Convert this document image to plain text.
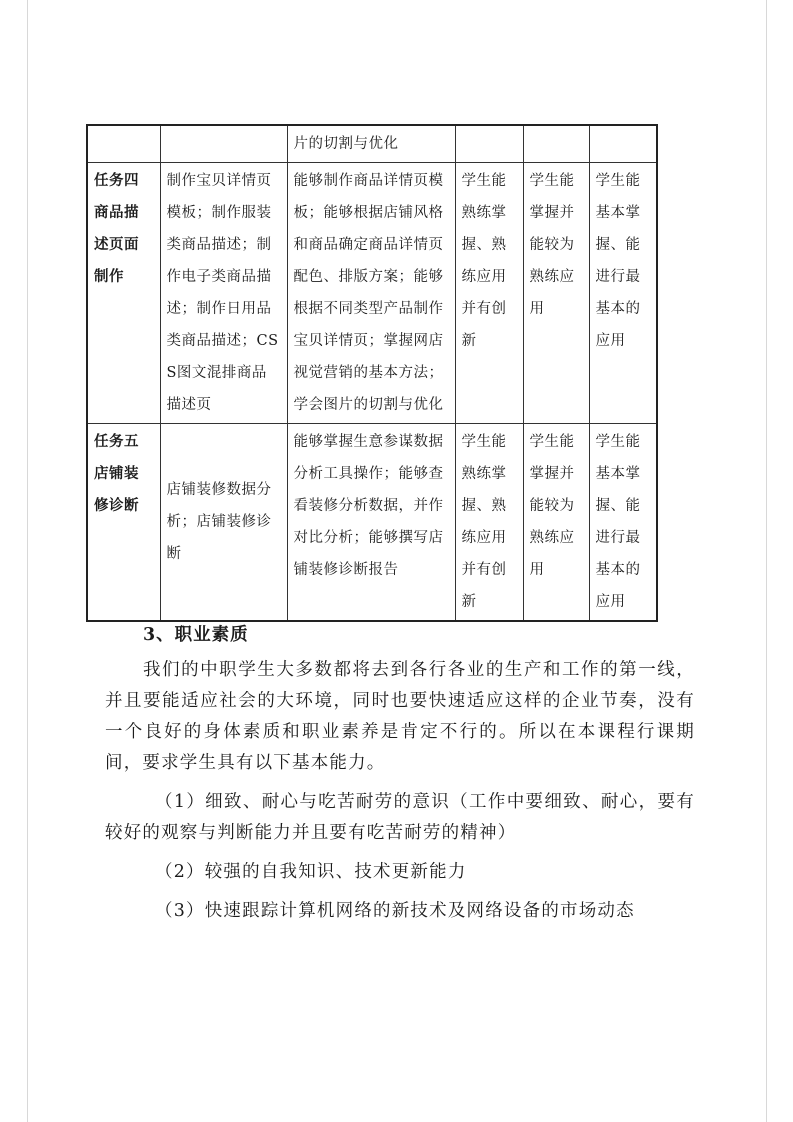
		片的切割与优化			
任务四商品描述页面制作	制作宝贝详情页模板；制作服装类商品描述；制作电子类商品描述；制作日用品类商品描述；CSS图文混排商品描述页	能够制作商品详情页模板；能够根据店铺风格和商品确定商品详情页配色、排版方案；能够根据不同类型产品制作宝贝详情页；掌握网店视觉营销的基本方法；学会图片的切割与优化	学生能熟练掌握、熟练应用并有创新	学生能掌握并能较为熟练应用	学生能基本掌握、能进行最基本的应用
任务五店铺装修诊断	店铺装修数据分析；店铺装修诊断	能够掌握生意参谋数据分析工具操作；能够查看装修分析数据，并作对比分析；能够撰写店铺装修诊断报告	学生能熟练掌握、熟练应用并有创新	学生能掌握并能较为熟练应用	学生能基本掌握、能进行最基本的应用
3、职业素质

我们的中职学生大多数都将去到各行各业的生产和工作的第一线，并且要能适应社会的大环境，同时也要快速适应这样的企业节奏，没有一个良好的身体素质和职业素养是肯定不行的。所以在本课程行课期间，要求学生具有以下基本能力。

（1）细致、耐心与吃苦耐劳的意识（工作中要细致、耐心，要有较好的观察与判断能力并且要有吃苦耐劳的精神）

（2）较强的自我知识、技术更新能力

（3）快速跟踪计算机网络的新技术及网络设备的市场动态
